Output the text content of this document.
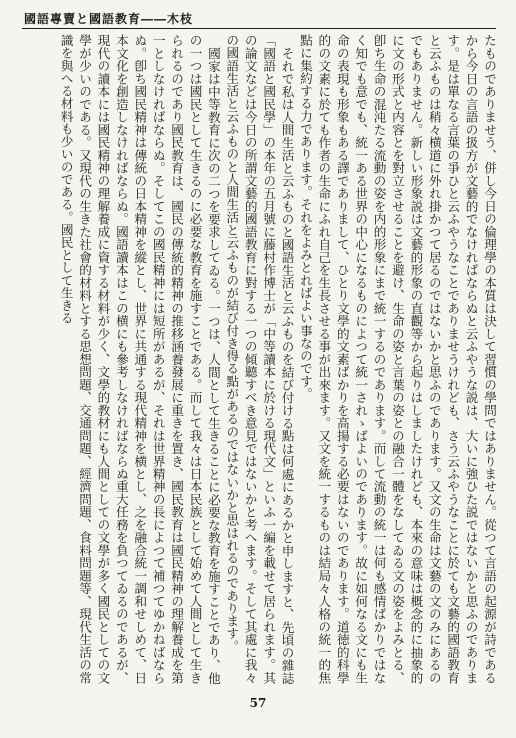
國語專賣と國語教育――木枝

たものでありませう、併し今日の倫理學の本質は決して習慣の學問ではありません。從つて言語の起源が詩であるから今日の言語の扱方が文藝的でなければならぬと云ふやうな説は、大いに強ひた説ではないかと思ふのであります。是は單なる言葉の爭ひと云ふやうなことでありませうけれども、さう云ふやうなことに於ても文藝的國語教育と云ふものは稍々横道に外れ掛かつて居るのではないかと思ふのであります。又文の生命は文藝の文のみにあるのでもありません。新しい形象説は文藝的形象の直觀等から起りはしましたけれども、本來の意味は概念的に抽象的に文の形式と内容とを對立させることを避け、生命の姿と言葉の姿との融合一體をなしてゐる文の姿をよみとる、卽ち生命の混沌たる流動の姿を内的形象にまで統一するのであります。而して流動の統一は何も感情ばかりではなく知でも意でも、統一ある世界の中心になるものによつて統一されゝばよいのであります。故に如何なる文にも生命の表現も形象もある譯でありまして、ひとり文學的文素ばかりを高揚する必要はないのであります。道徳的科學的の文素に於ても作者の生命にふれ自己を生長させる事が出來ます。又文を統一するものは結局々人格の統一的焦點に集約する力であります。それをよみとればよい事なのです。

それで私は人間生活と云ふものと國語生活と云ふものを結び付ける點は何處にあるかと申しますと、先頃の雜誌「國語と國民學」の本年の五月號に藤村作博士が「中等讀本に於ける現代文」といふ一編を載せて居られます。其の論文などは今日の所謂文藝的國語教育に對する一つの傾聽すべき意見ではないかと考へます。そして其處に我々の國語生活と云ふものと人間生活と云ふものが結び付き得る點があるのではないかと思はれるのであります。

國家は中等教育に次の二つを要求してゐる。一つは、人間として生きることに必要な教育を施すことであり、他の一つは國民として生きるのに必要な教育を施すことである。而して我々は日本民族として始めて人間として生きられるのであり國民教育は、國民の傳統的精神の推移涵養發展に重きを置き、國民教育は國民精神の理解養成を第一としなければならぬ。そしてこの國民精神には短所があるが、それは世界精神の長によつて補つてゆかねばならぬ。卽ち國民精神は傳統の日本精神を縱とし、世界に共通する現代精神を横とし、之を融合統一調和せしめて、日本文化を創造しなければならぬ。國語讀本はこの横にも參考しなければならぬ重大任務を負つてゐるのであるが、現代の讀本には國民精神の理解養成に資する材料が少く、文學的教材にも人間としての文學が多く國民としての文學が少いのである。又現代の生きた社會的材料とする思想問題、交通問題、經濟問題、食料問題等、現代生活の常識を與へる材料も少いのである。國民として生きる

57
